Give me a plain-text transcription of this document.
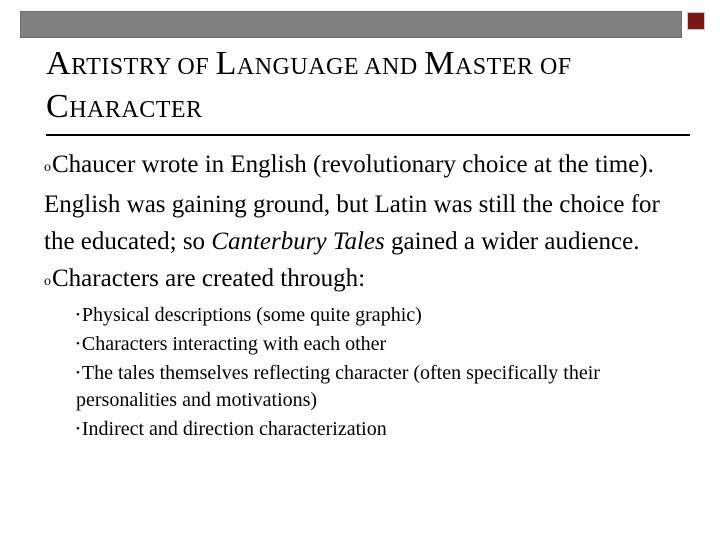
ARTISTRY OF LANGUAGE AND MASTER OF
CHARACTER

oChaucer wrote in English (revolutionary choice at the time). English was gaining ground, but Latin was still the choice for the educated; so Canterbury Tales gained a wider audience.

oCharacters are created through:

• Physical descriptions (some quite graphic)

• Characters interacting with each other

• The tales themselves reflecting character (often specifically their personalities and motivations)

• Indirect and direction characterization
